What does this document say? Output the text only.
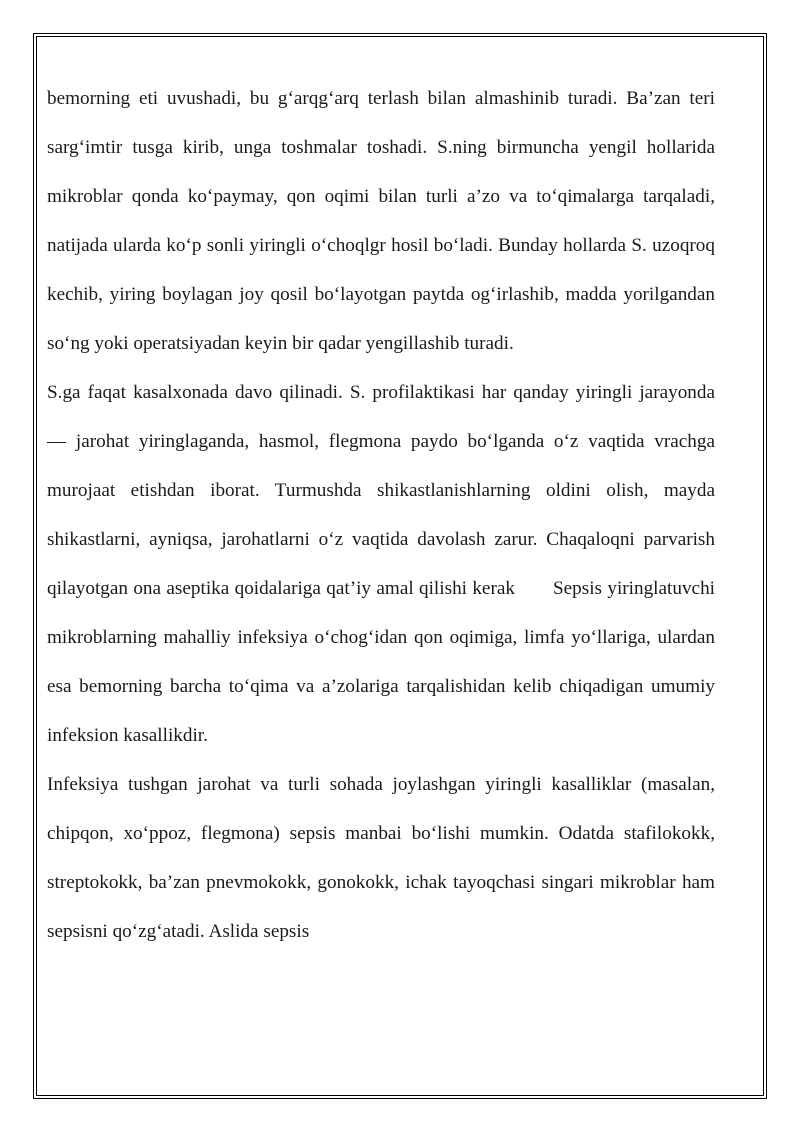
bemorning eti uvushadi, bu g‘arqg‘arq terlash bilan almashinib turadi. Ba’zan teri sarg‘imtir tusga kirib, unga toshmalar toshadi. S.ning birmuncha yengil hollarida mikroblar qonda ko‘paymay, qon oqimi bilan turli a’zo va to‘qimalarga tarqaladi, natijada ularda ko‘p sonli yiringli o‘choqlgr hosil bo‘ladi. Bunday hollarda S. uzoqroq kechib, yiring boylagan joy qosil bo‘layotgan paytda og‘irlashib, madda yorilgandan so‘ng yoki operatsiyadan keyin bir qadar yengillashib turadi.

S.ga faqat kasalxonada davo qilinadi. S. profilaktikasi har qanday yiringli jarayonda — jarohat yiringlaganda, hasmol, flegmona paydo bo‘lganda o‘z vaqtida vrachga murojaat etishdan iborat. Turmushda shikastlanishlarning oldini olish, mayda shikastlarni, ayniqsa, jarohatlarni o‘z vaqtida davolash zarur. Chaqaloqni parvarish qilayotgan ona aseptika qoidalariga qat’iy amal qilishi kerak Sepsis yiringlatuvchi mikroblarning mahalliy infeksiya o‘chog‘idan qon oqimiga, limfa yo‘llariga, ulardan esa bemorning barcha to‘qima va a’zolariga tarqalishidan kelib chiqadigan umumiy infeksion kasallikdir.

Infeksiya tushgan jarohat va turli sohada joylashgan yiringli kasalliklar (masalan, chipqon, xo‘ppoz, flegmona) sepsis manbai bo‘lishi mumkin. Odatda stafilokokk, streptokokk, ba’zan pnevmokokk, gonokokk, ichak tayoqchasi singari mikroblar ham sepsisni qo‘zg‘atadi. Aslida sepsis
